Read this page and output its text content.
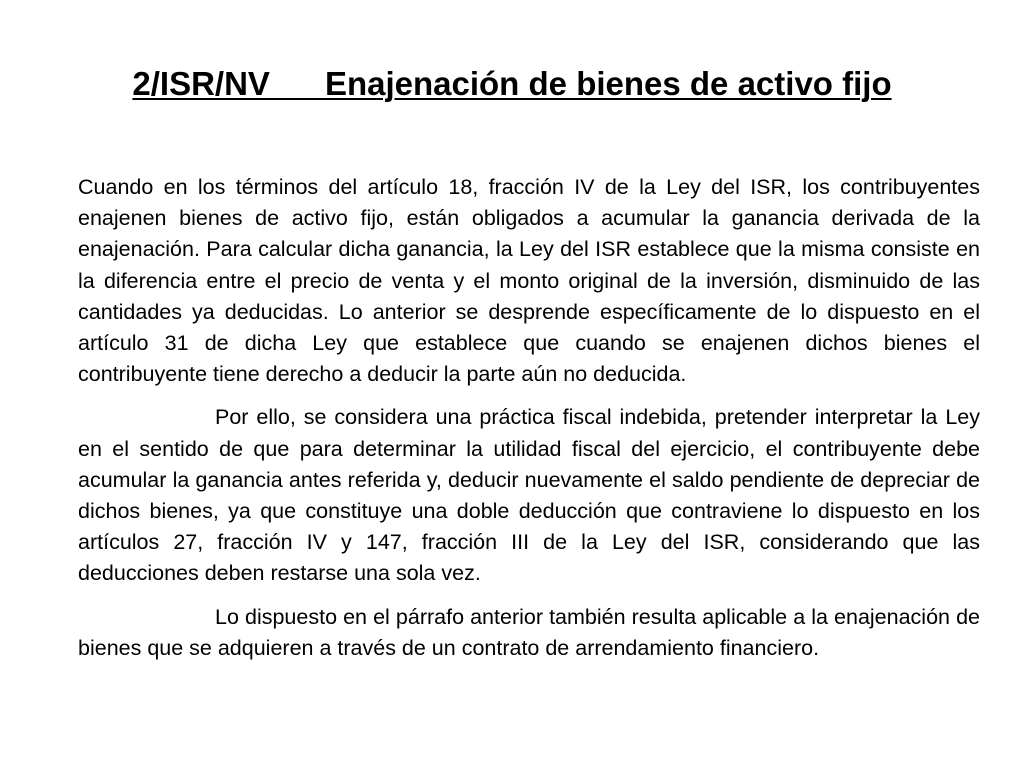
2/ISR/NV Enajenación de bienes de activo fijo

Cuando en los términos del artículo 18, fracción IV de la Ley del ISR, los contribuyentes enajenen bienes de activo fijo, están obligados a acumular la ganancia derivada de la enajenación. Para calcular dicha ganancia, la Ley del ISR establece que la misma consiste en la diferencia entre el precio de venta y el monto original de la inversión, disminuido de las cantidades ya deducidas. Lo anterior se desprende específicamente de lo dispuesto en el artículo 31 de dicha Ley que establece que cuando se enajenen dichos bienes el contribuyente tiene derecho a deducir la parte aún no deducida.

Por ello, se considera una práctica fiscal indebida, pretender interpretar la Ley en el sentido de que para determinar la utilidad fiscal del ejercicio, el contribuyente debe acumular la ganancia antes referida y, deducir nuevamente el saldo pendiente de depreciar de dichos bienes, ya que constituye una doble deducción que contraviene lo dispuesto en los artículos 27, fracción IV y 147, fracción III de la Ley del ISR, considerando que las deducciones deben restarse una sola vez.

Lo dispuesto en el párrafo anterior también resulta aplicable a la enajenación de bienes que se adquieren a través de un contrato de arrendamiento financiero.
